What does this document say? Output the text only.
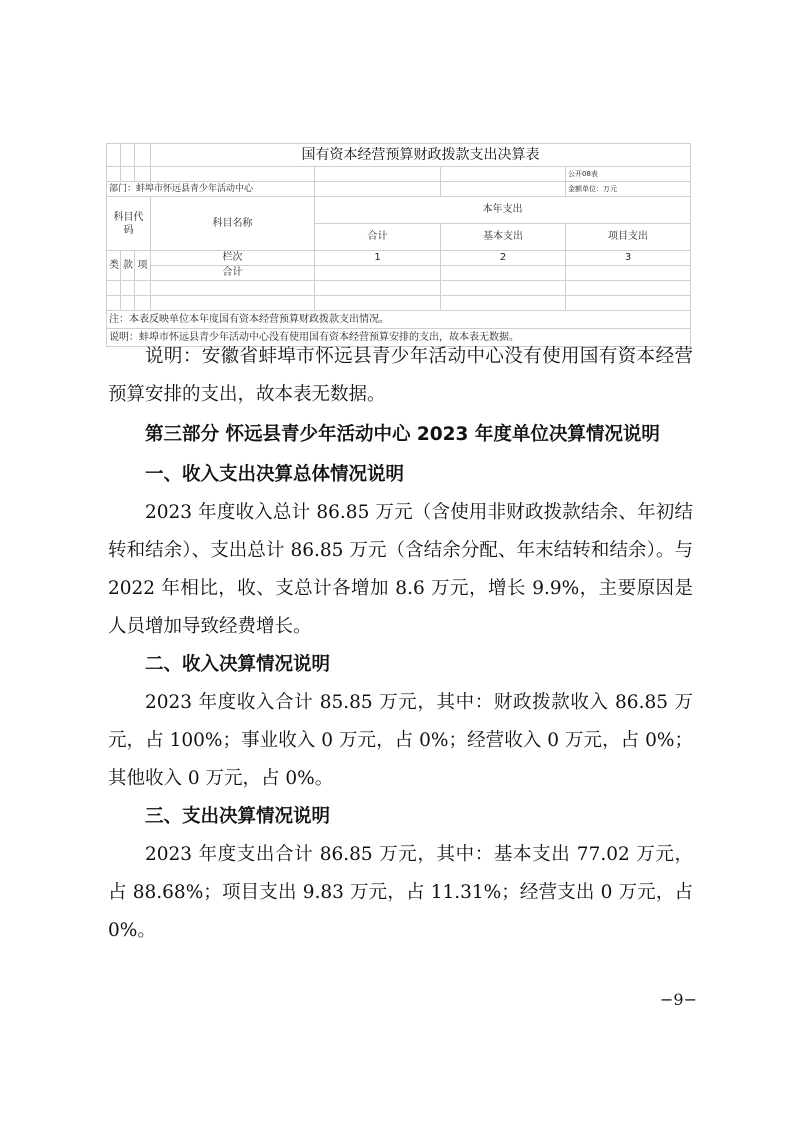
			国有资本经营预算财政拨款支出决算表			
						公开08表
部门：蚌埠市怀远县青少年活动中心						金额单位：万元
科目代码			科目名称	本年支出		
				合计	基本支出	项目支出
类	款	项	栏次	1	2	3
			合计			

注：本表反映单位本年度国有资本经营预算财政拨款支出情况。						
说明：蚌埠市怀远县青少年活动中心没有使用国有资本经营预算安排的支出，故本表无数据。						

说明：安徽省蚌埠市怀远县青少年活动中心没有使用国有资本经营预算安排的支出，故本表无数据。

第三部分 怀远县青少年活动中心 2023 年度单位决算情况说明

一、收入支出决算总体情况说明

2023 年度收入总计 86.85 万元（含使用非财政拨款结余、年初结转和结余）、支出总计 86.85 万元（含结余分配、年末结转和结余）。与 2022 年相比，收、支总计各增加 8.6 万元，增长 9.9%，主要原因是人员增加导致经费增长。

二、收入决算情况说明

2023 年度收入合计 85.85 万元，其中：财政拨款收入 86.85 万元，占 100%；事业收入 0 万元，占 0%；经营收入 0 万元，占 0%；其他收入 0 万元，占 0%。

三、支出决算情况说明

2023 年度支出合计 86.85 万元，其中：基本支出 77.02 万元，占 88.68%；项目支出 9.83 万元，占 11.31%；经营支出 0 万元，占 0%。

−9−
